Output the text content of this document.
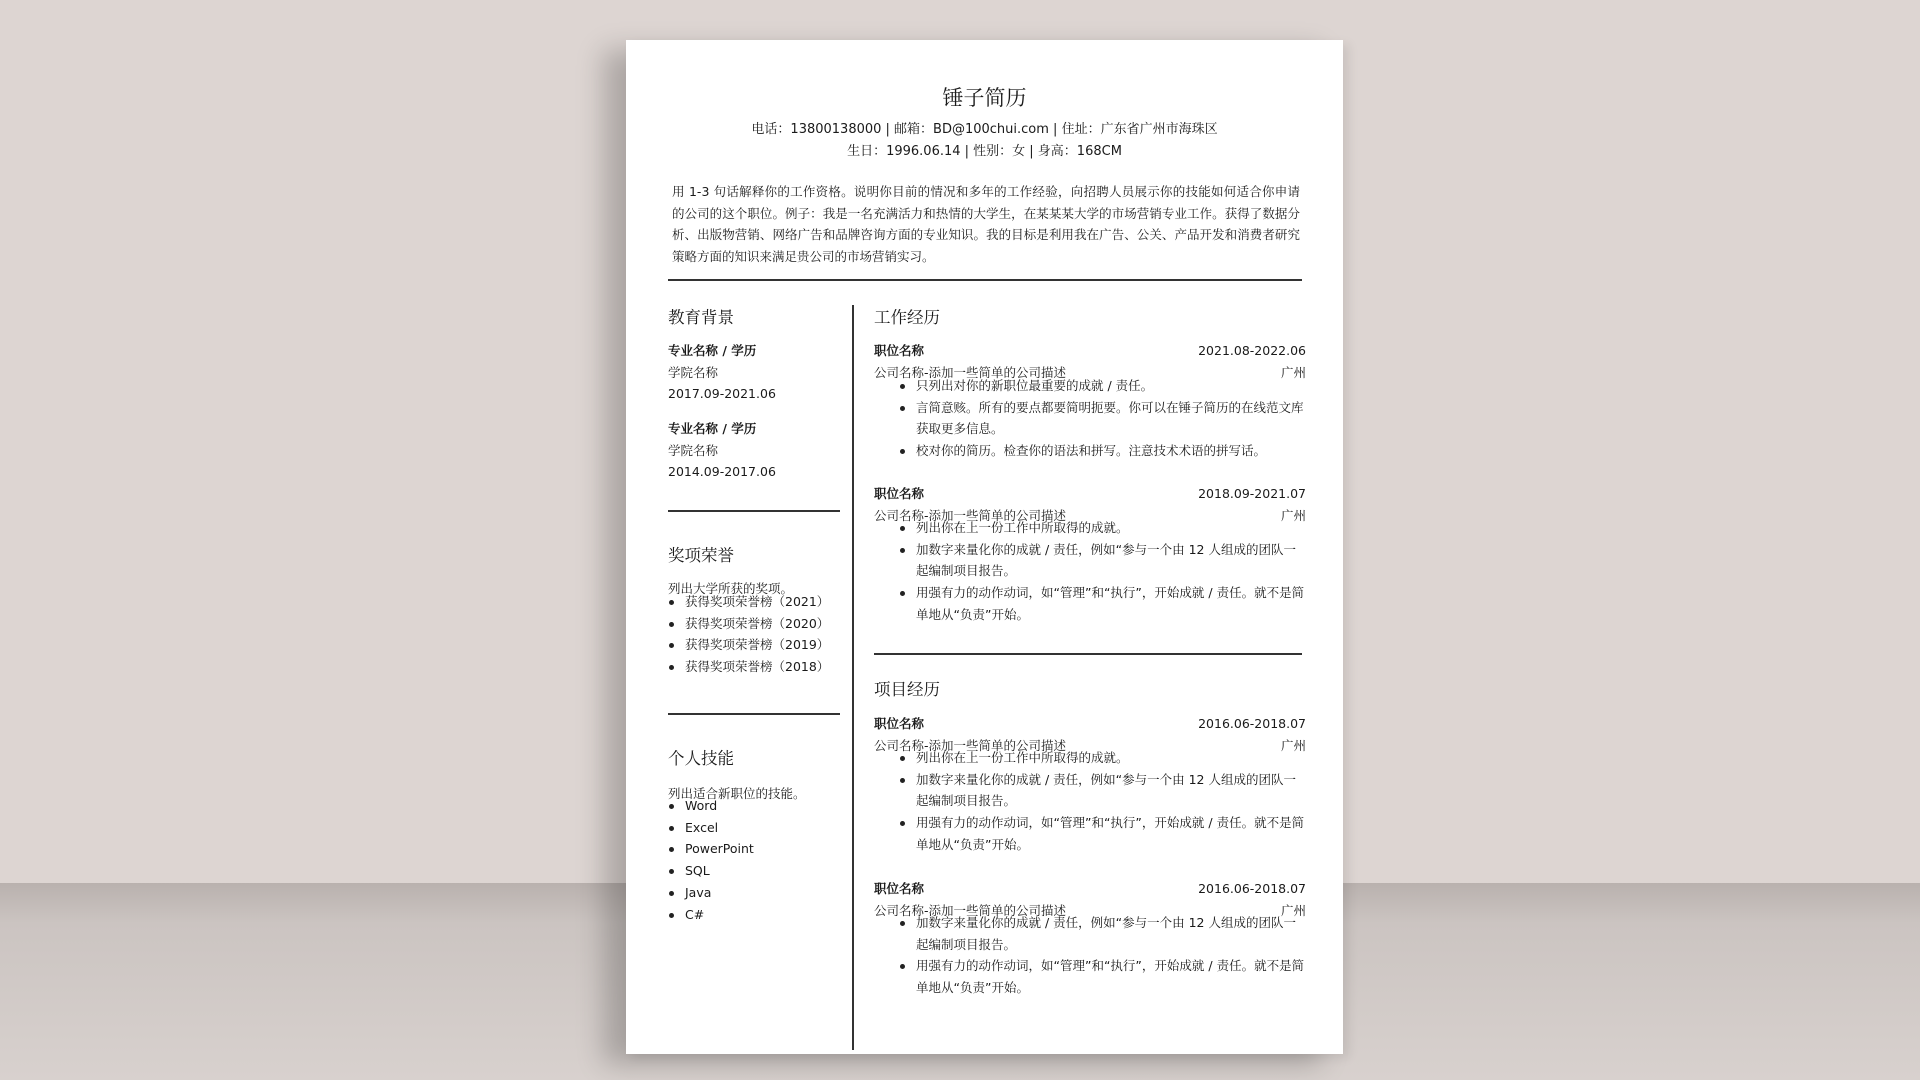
锤子简历
电话：13800138000 | 邮箱：BD@100chui.com | 住址：广东省广州市海珠区
生日：1996.06.14 | 性别：女 | 身高：168CM
用 1-3 句话解释你的工作资格。说明你目前的情况和多年的工作经验，向招聘人员展示你的技能如何适合你申请的公司的这个职位。例子：我是一名充满活力和热情的大学生，在某某某大学的市场营销专业工作。获得了数据分析、出版物营销、网络广告和品牌咨询方面的专业知识。我的目标是利用我在广告、公关、产品开发和消费者研究策略方面的知识来满足贵公司的市场营销实习。
教育背景
专业名称 / 学历
学院名称
2017.09-2021.06
专业名称 / 学历
学院名称
2014.09-2017.06
奖项荣誉
列出大学所获的奖项。
获得奖项荣誉榜（2021）
获得奖项荣誉榜（2020）
获得奖项荣誉榜（2019）
获得奖项荣誉榜（2018）
个人技能
列出适合新职位的技能。
Word
Excel
PowerPoint
SQL
Java
C#
工作经历
职位名称	2021.08-2022.06
公司名称-添加一些简单的公司描述	广州
只列出对你的新职位最重要的成就 / 责任。
言简意赅。所有的要点都要简明扼要。你可以在锤子简历的在线范文库获取更多信息。
校对你的简历。检查你的语法和拼写。注意技术术语的拼写话。
职位名称	2018.09-2021.07
公司名称-添加一些简单的公司描述	广州
列出你在上一份工作中所取得的成就。
加数字来量化你的成就 / 责任，例如“参与一个由 12 人组成的团队一起编制项目报告。
用强有力的动作动词，如“管理”和“执行”，开始成就 / 责任。就不是简单地从“负责”开始。
项目经历
职位名称	2016.06-2018.07
公司名称-添加一些简单的公司描述	广州
列出你在上一份工作中所取得的成就。
加数字来量化你的成就 / 责任，例如“参与一个由 12 人组成的团队一起编制项目报告。
用强有力的动作动词，如“管理”和“执行”，开始成就 / 责任。就不是简单地从“负责”开始。
职位名称	2016.06-2018.07
公司名称-添加一些简单的公司描述	广州
加数字来量化你的成就 / 责任，例如“参与一个由 12 人组成的团队一起编制项目报告。
用强有力的动作动词，如“管理”和“执行”，开始成就 / 责任。就不是简单地从“负责”开始。
